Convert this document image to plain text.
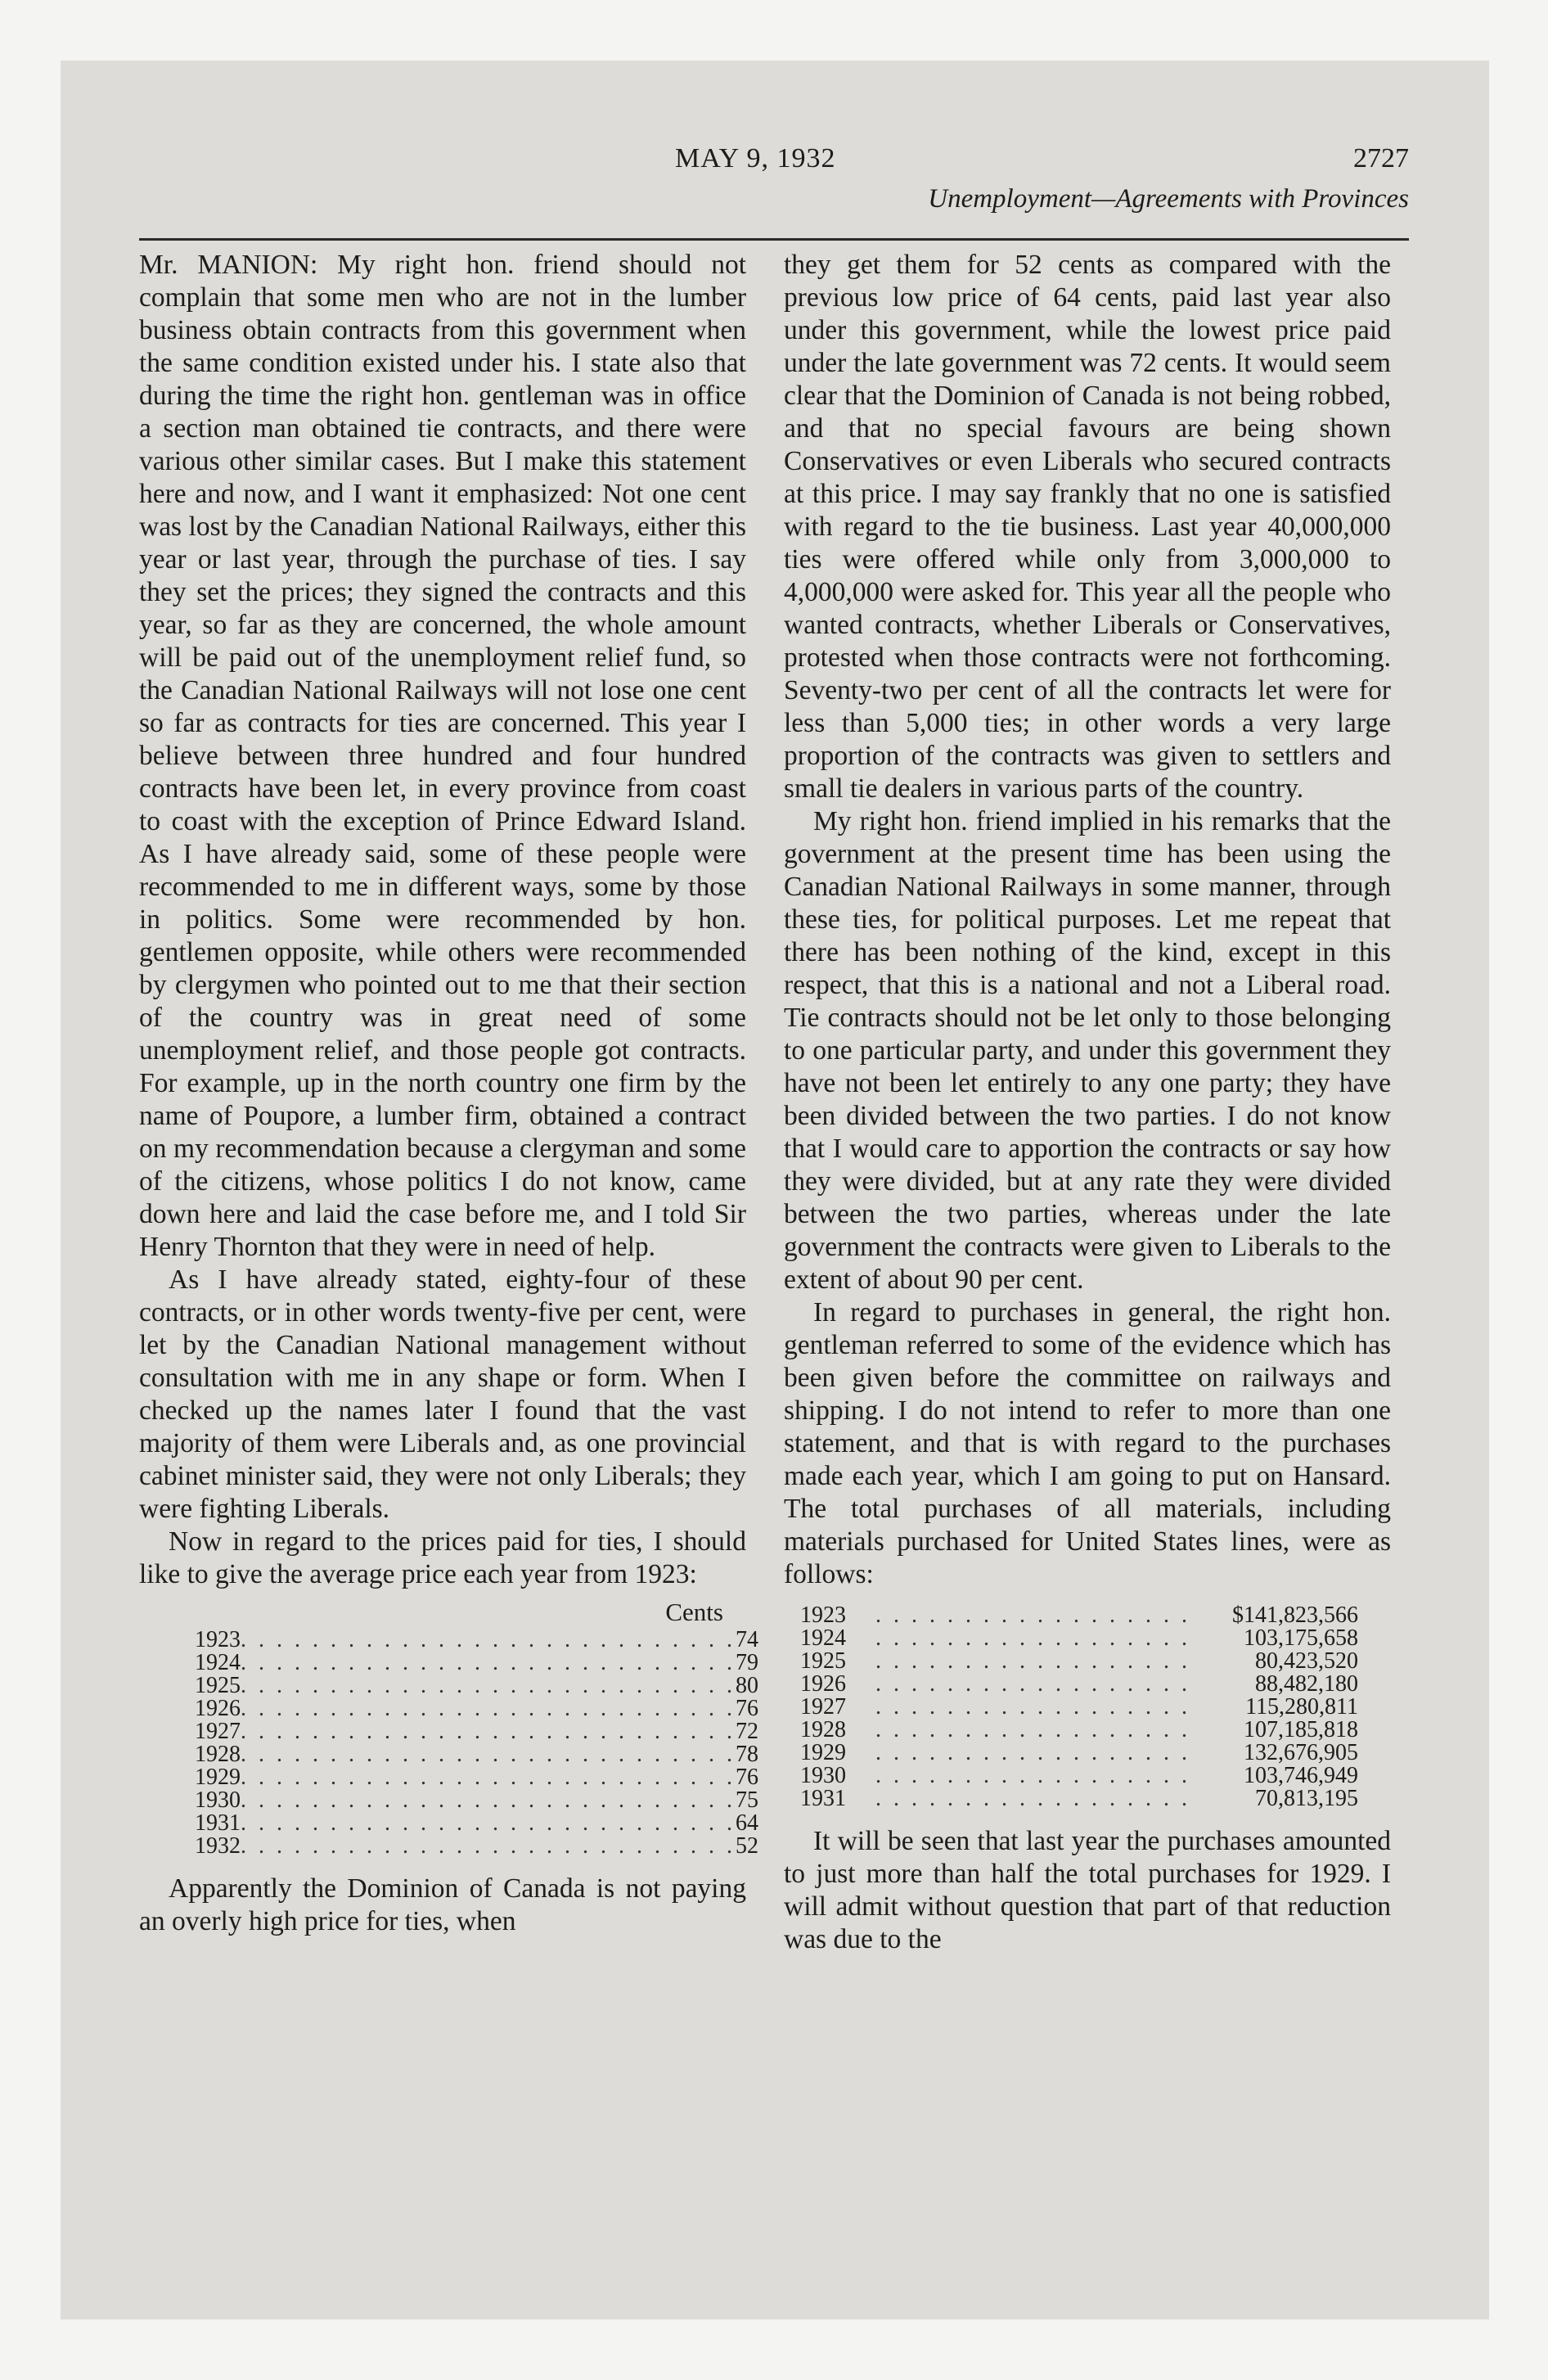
MAY 9, 1932	2727
Unemployment—Agreements with Provinces

Mr. MANION: My right hon. friend should not complain that some men who are not in the lumber business obtain contracts from this government when the same condition existed under his. I state also that during the time the right hon. gentleman was in office a section man obtained tie contracts, and there were various other similar cases. But I make this statement here and now, and I want it emphasized: Not one cent was lost by the Canadian National Railways, either this year or last year, through the purchase of ties. I say they set the prices; they signed the contracts and this year, so far as they are concerned, the whole amount will be paid out of the unemployment relief fund, so the Canadian National Railways will not lose one cent so far as contracts for ties are concerned. This year I believe between three hundred and four hundred contracts have been let, in every province from coast to coast with the exception of Prince Edward Island. As I have already said, some of these people were recommended to me in different ways, some by those in politics. Some were recommended by hon. gentlemen opposite, while others were recommended by clergymen who pointed out to me that their section of the country was in great need of some unemployment relief, and those people got contracts. For example, up in the north country one firm by the name of Poupore, a lumber firm, obtained a contract on my recommendation because a clergyman and some of the citizens, whose politics I do not know, came down here and laid the case before me, and I told Sir Henry Thornton that they were in need of help.

As I have already stated, eighty-four of these contracts, or in other words twenty-five per cent, were let by the Canadian National management without consultation with me in any shape or form. When I checked up the names later I found that the vast majority of them were Liberals and, as one provincial cabinet minister said, they were not only Liberals; they were fighting Liberals.

Now in regard to the prices paid for ties, I should like to give the average price each year from 1923:

Cents
1923 . . . . . . . . . . . . . . . . . . . . . . . . . . . . 74
1924 . . . . . . . . . . . . . . . . . . . . . . . . . . . . 79
1925 . . . . . . . . . . . . . . . . . . . . . . . . . . . . 80
1926 . . . . . . . . . . . . . . . . . . . . . . . . . . . . 76
1927 . . . . . . . . . . . . . . . . . . . . . . . . . . . . 72
1928 . . . . . . . . . . . . . . . . . . . . . . . . . . . . 78
1929 . . . . . . . . . . . . . . . . . . . . . . . . . . . . 76
1930 . . . . . . . . . . . . . . . . . . . . . . . . . . . . 75
1931 . . . . . . . . . . . . . . . . . . . . . . . . . . . . 64
1932 . . . . . . . . . . . . . . . . . . . . . . . . . . . . 52

Apparently the Dominion of Canada is not paying an overly high price for ties, when

they get them for 52 cents as compared with the previous low price of 64 cents, paid last year also under this government, while the lowest price paid under the late government was 72 cents. It would seem clear that the Dominion of Canada is not being robbed, and that no special favours are being shown Conservatives or even Liberals who secured contracts at this price. I may say frankly that no one is satisfied with regard to the tie business. Last year 40,000,000 ties were offered while only from 3,000,000 to 4,000,000 were asked for. This year all the people who wanted contracts, whether Liberals or Conservatives, protested when those contracts were not forthcoming. Seventy-two per cent of all the contracts let were for less than 5,000 ties; in other words a very large proportion of the contracts was given to settlers and small tie dealers in various parts of the country.

My right hon. friend implied in his remarks that the government at the present time has been using the Canadian National Railways in some manner, through these ties, for political purposes. Let me repeat that there has been nothing of the kind, except in this respect, that this is a national and not a Liberal road. Tie contracts should not be let only to those belonging to one particular party, and under this government they have not been let entirely to any one party; they have been divided between the two parties. I do not know that I would care to apportion the contracts or say how they were divided, but at any rate they were divided between the two parties, whereas under the late government the contracts were given to Liberals to the extent of about 90 per cent.

In regard to purchases in general, the right hon. gentleman referred to some of the evidence which has been given before the committee on railways and shipping. I do not intend to refer to more than one statement, and that is with regard to the purchases made each year, which I am going to put on Hansard. The total purchases of all materials, including materials purchased for United States lines, were as follows:

1923	. . . . . . . . . . . . . . . . . .	$141,823,566
1924	. . . . . . . . . . . . . . . . . .	103,175,658
1925	. . . . . . . . . . . . . . . . . .	80,423,520
1926	. . . . . . . . . . . . . . . . . .	88,482,180
1927	. . . . . . . . . . . . . . . . . .	115,280,811
1928	. . . . . . . . . . . . . . . . . .	107,185,818
1929	. . . . . . . . . . . . . . . . . .	132,676,905
1930	. . . . . . . . . . . . . . . . . .	103,746,949
1931	. . . . . . . . . . . . . . . . . .	70,813,195

It will be seen that last year the purchases amounted to just more than half the total purchases for 1929. I will admit without question that part of that reduction was due to the
